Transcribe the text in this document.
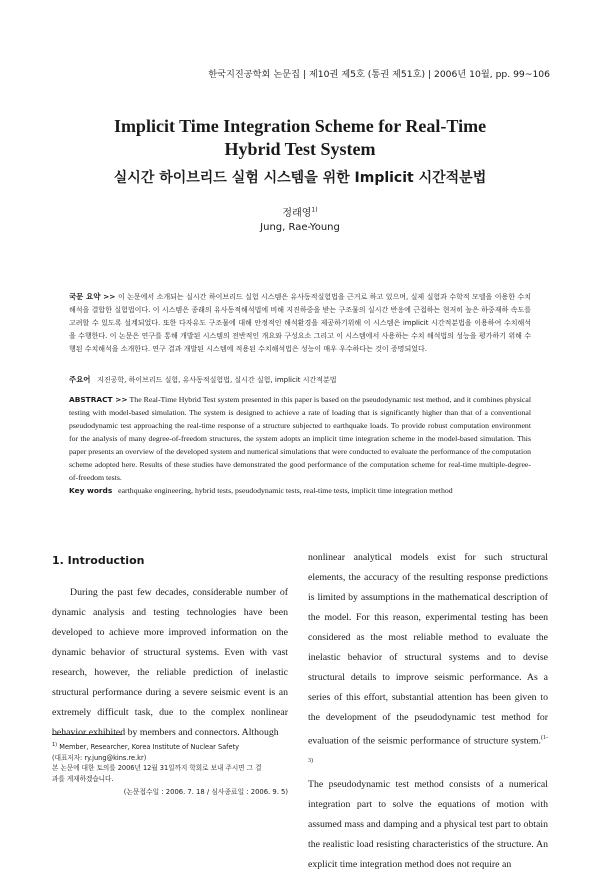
한국지진공학회 논문집 | 제10권 제5호 (통권 제51호) | 2006년 10월, pp. 99~106
Implicit Time Integration Scheme for Real-Time
Hybrid Test System
실시간 하이브리드 실험 시스템을 위한 Implicit 시간적분법
정래영$^{1)}$
Jung, Rae-Young
국문 요약 >> 이 논문에서 소개되는 실시간 하이브리드 실험 시스템은 유사동적실험법을 근거로 하고 있으며, 실제 실험과 수학적 모델을 이용한 수치해석을 결합한 실험법이다. 이 시스템은 종래의 유사동적해석법에 비해 지진하중을 받는 구조물의 실시간 반응에 근접하는 현저히 높은 하중재하 속도를 고려할 수 있도록 설계되었다. 또한 다자유도 구조물에 대해 안정적인 해석환경을 제공하기위해 이 시스템은 implicit 시간적분법을 이용하여 수치해석을 수행한다. 이 논문은 연구를 통해 개발된 시스템의 전반적인 개요와 구성요소 그리고 이 시스템에서 사용하는 수치 해석법의 성능을 평가하기 위해 수행된 수치해석을 소개한다. 연구 결과 개발된 시스템에 적용된 수치해석법은 성능이 매우 우수하다는 것이 증명되었다.
주요어 지진공학, 하이브리드 실험, 유사동적실험법, 실시간 실험, implicit 시간적분법
ABSTRACT >> The Real-Time Hybrid Test system presented in this paper is based on the pseudodynamic test method, and it combines physical testing with model-based simulation. The system is designed to achieve a rate of loading that is significantly higher than that of a conventional pseudodynamic test approaching the real-time response of a structure subjected to earthquake loads. To provide robust computation environment for the analysis of many degree-of-freedom structures, the system adopts an implicit time integration scheme in the model-based simulation. This paper presents an overview of the developed system and numerical simulations that were conducted to evaluate the performance of the computation scheme adopted here. Results of these studies have demonstrated the good performance of the computation scheme for real-time multiple-degree-of-freedom tests.
Key words earthquake engineering, hybrid tests, pseudodynamic tests, real-time tests, implicit time integration method
1. Introduction

During the past few decades, considerable number of dynamic analysis and testing technologies have been developed to achieve more improved information on the dynamic behavior of structural systems. Even with vast research, however, the reliable prediction of inelastic structural performance during a severe seismic event is an extremely difficult task, due to the complex nonlinear behavior exhibited by members and connectors. Although

nonlinear analytical models exist for such structural elements, the accuracy of the resulting response predictions is limited by assumptions in the mathematical description of the model. For this reason, experimental testing has been considered as the most reliable method to evaluate the inelastic behavior of structural systems and to devise structural details to improve seismic performance. As a series of this effort, substantial attention has been given to the development of the pseudodynamic test method for evaluation of the seismic performance of structure system.$^{(1-3)}$

The pseudodynamic test method consists of a numerical integration part to solve the equations of motion with assumed mass and damping and a physical test part to obtain the realistic load resisting characteristics of the structure. An explicit time integration method does not require an

$^{1)}$ Member, Researcher, Korea Institute of Nuclear Safety
(대표저자: ry.jung@kins.re.kr)
본 논문에 대한 토의를 2006년 12월 31일까지 학회로 보내 주시면 그 결
과를 게재하겠습니다.
(논문접수일 : 2006. 7. 18 / 심사종료일 : 2006. 9. 5)
